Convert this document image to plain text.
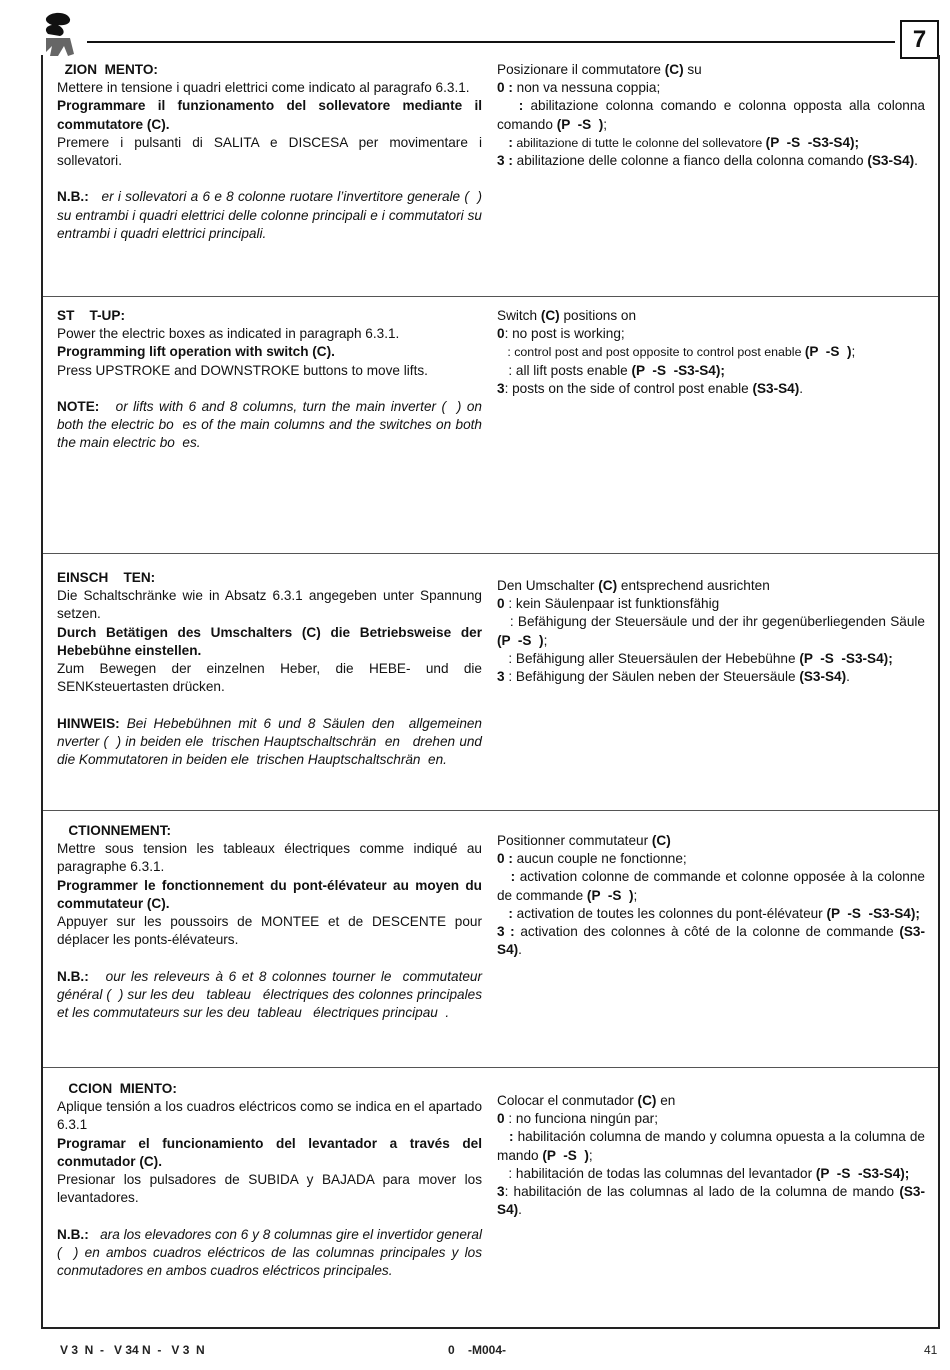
7
ZION  MENTO:
Mettere in tensione i quadri elettrici come indicato al paragrafo 6.3.1.
Programmare il funzionamento del sollevatore mediante il commutatore (C).
Premere i pulsanti di SALITA e DISCESA per movimentare i sollevatori.
N.B.:   er i sollevatori a 6 e 8 colonne ruotare l’invertitore generale (  ) su entrambi i quadri elettrici delle colonne principali e i commutatori su entrambi i quadri elettrici principali.
Posizionare il commutatore (C) su
0 : non va nessuna coppia;
: abilitazione colonna comando e colonna opposta alla colonna comando (P  -S  );
: abilitazione di tutte le colonne del sollevatore (P  -S  -S3-S4);
3 : abilitazione delle colonne a fianco della colonna comando (S3-S4).
ST    T-UP:
Power the electric boxes as indicated in paragraph 6.3.1.
Programming lift operation with switch (C).
Press UPSTROKE and DOWNSTROKE buttons to move lifts.
NOTE:   or lifts with 6 and 8 columns, turn the main inverter (  ) on both the electric bo  es of the main columns and the switches on both the main electric bo  es.
Switch (C) positions on
0: no post is working;
: control post and post opposite to control post enable (P  -S  );
: all lift posts enable (P  -S  -S3-S4);
3: posts on the side of control post enable (S3-S4).
EINSCH    TEN:
Die Schaltschränke wie in Absatz 6.3.1 angegeben unter Spannung setzen.
Durch Betätigen des Umschalters (C) die Betriebsweise der Hebebühne einstellen.
Zum Bewegen der einzelnen Heber, die HEBE- und die SENKsteuertasten drücken.
HINWEIS: Bei Hebebühnen mit 6 und 8 Säulen den  allgemeinen  nverter (  ) in beiden ele  trischen Hauptschaltschrän  en   drehen und die Kommutatoren in beiden ele  trischen Hauptschaltschrän  en.
Den Umschalter (C) entsprechend ausrichten
0 : kein Säulenpaar ist funktionsfähig
: Befähigung der Steuersäule und der ihr gegenüberliegenden Säule (P  -S  );
: Befähigung aller Steuersäulen der Hebebühne (P  -S  -S3-S4);
3 : Befähigung der Säulen neben der Steuersäule (S3-S4).
CTIONNEMENT:
Mettre sous tension les tableaux électriques comme indiqué au paragraphe 6.3.1.
Programmer le fonctionnement du pont-élévateur au moyen du commutateur (C).
Appuyer sur les poussoirs de MONTEE et de DESCENTE pour déplacer les ponts-élévateurs.
N.B.:   our les releveurs à 6 et 8 colonnes tourner le  commutateur général (  ) sur les deu   tableau   électriques des colonnes principales et les commutateurs sur les deu  tableau   électriques principau  .
Positionner commutateur (C)
0 : aucun couple ne fonctionne;
: activation colonne de commande et colonne opposée à la colonne de commande (P  -S  );
: activation de toutes les colonnes du pont-élévateur (P  -S  -S3-S4);
3 : activation des colonnes à côté de la colonne de commande (S3-S4).
CCION  MIENTO:
Aplique tensión a los cuadros eléctricos como se indica en el apartado 6.3.1
Programar el funcionamiento del levantador a través del conmutador (C).
Presionar los pulsadores de SUBIDA y BAJADA para mover los levantadores.
N.B.:   ara los elevadores con 6 y 8 columnas gire el invertidor general (  ) en ambos cuadros eléctricos de las columnas principales y los conmutadores en ambos cuadros eléctricos principales.
Colocar el conmutador (C) en
0 : no funciona ningún par;
: habilitación columna de mando y columna opuesta a la columna de mando (P  -S  );
: habilitación de todas las columnas del levantador (P  -S  -S3-S4);
3: habilitación de las columnas al lado de la columna de mando (S3-S4).
V 3  N  -   V 34 N  -   V 3  N	0    -M004-	41
